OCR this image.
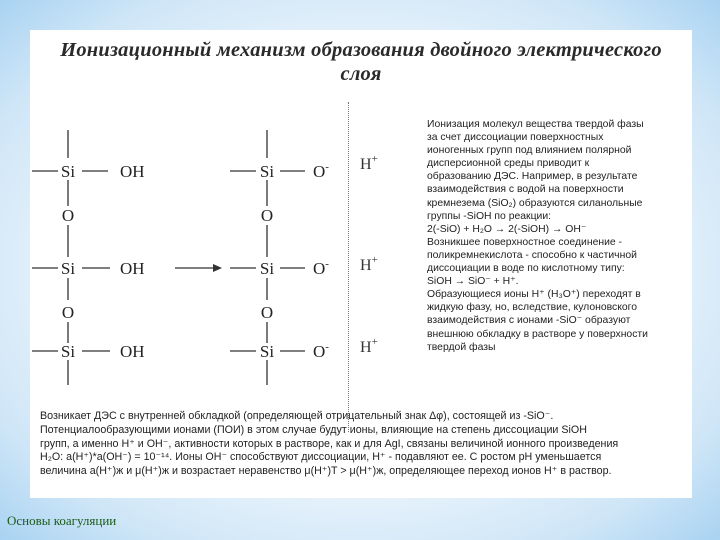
Ионизационный механизм образования двойного электрического
слоя
Si	OH
O
Si	OH
O
Si	OH
Si O-
O
Si O-
O
Si O-
H+
H+
H+
Ионизация молекул вещества твердой фазы
за счет диссоциации поверхностных
ионогенных групп под влиянием полярной
дисперсионной среды приводит к
образованию ДЭС. Например, в результате
взаимодействия с водой на поверхности
кремнезема (SiO₂) образуются силанольные
группы -SiOH по реакции:
2(-SiO) + H₂O → 2(-SiOH) → OH⁻
Возникшее поверхностное соединение -
поликремнекислота - способно к частичной
диссоциации в воде по кислотному типу:
SiOH → SiO⁻ + H⁺.
Образующиеся ионы H⁺ (H₃O⁺) переходят в
жидкую фазу, но, вследствие, кулоновского
взаимодействия с ионами -SiO⁻ образуют
внешнюю обкладку в растворе у поверхности
твердой фазы
Возникает ДЭС с внутренней обкладкой (определяющей отрицательный знак Δφ), состоящей из -SiO⁻.
Потенциалообразующими ионами (ПОИ) в этом случае будут ионы, влияющие на степень диссоциации SiOH
групп, а именно H⁺ и OH⁻, активности которых в растворе, как и для AgI, связаны величиной ионного произведения
H₂O: a(H⁺)*a(OH⁻) = 10⁻¹⁴. Ионы OH⁻ способствуют диссоциации, H⁺ - подавляют ее. С ростом pH уменьшается
величина a(H⁺)ж и μ(H⁺)ж и возрастает неравенство μ(H⁺)T > μ(H⁺)ж, определяющее переход ионов H⁺ в раствор.
Основы коагуляции
